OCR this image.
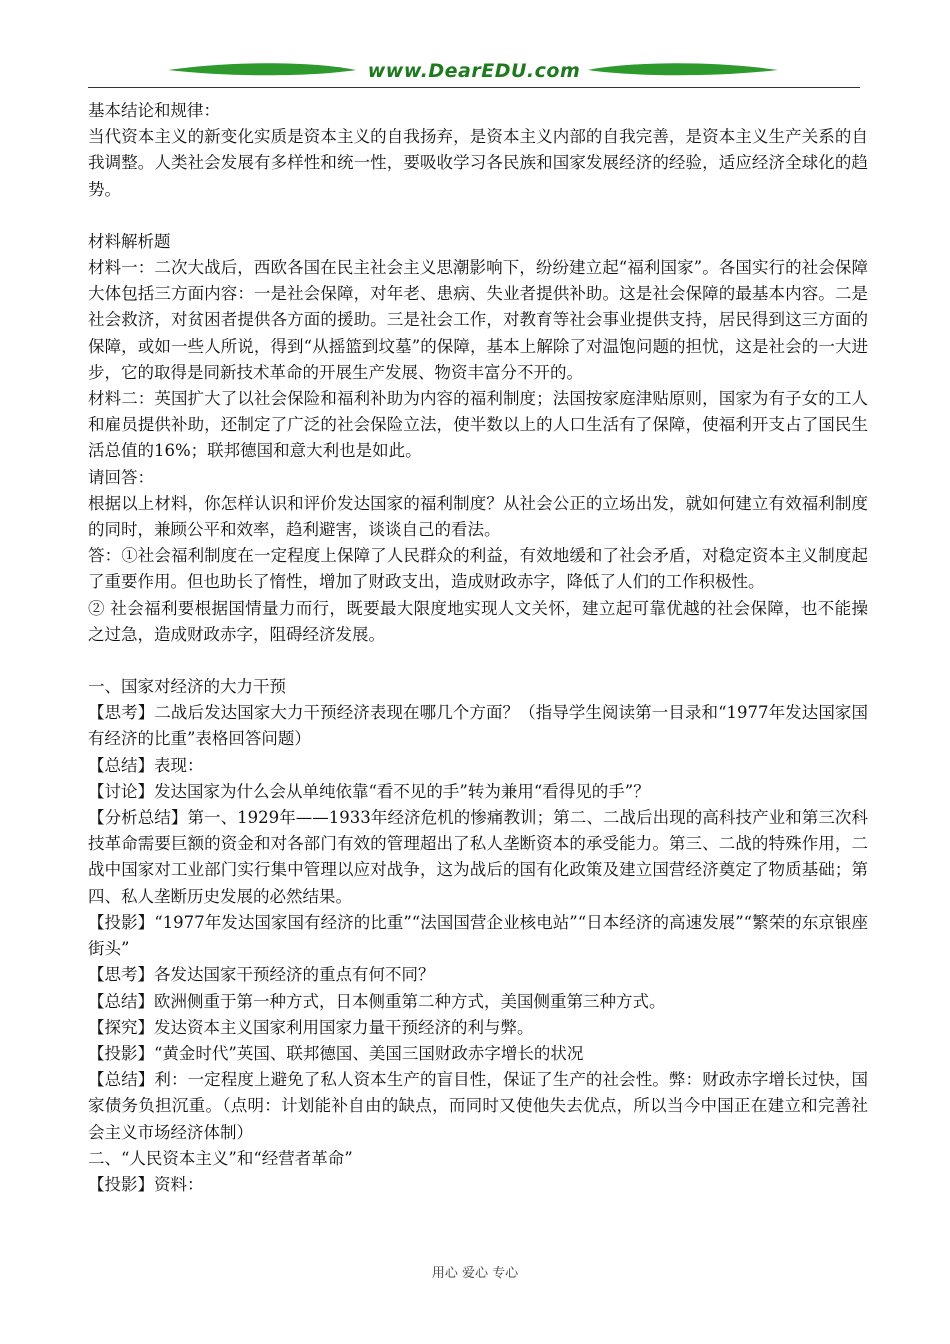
www.DearEDU.com

基本结论和规律：

当代资本主义的新变化实质是资本主义的自我扬弃，是资本主义内部的自我完善，是资本主义生产关系的自我调整。人类社会发展有多样性和统一性，要吸收学习各民族和国家发展经济的经验，适应经济全球化的趋势。

材料解析题

材料一：二次大战后，西欧各国在民主社会主义思潮影响下，纷纷建立起“福利国家”。各国实行的社会保障大体包括三方面内容：一是社会保障，对年老、患病、失业者提供补助。这是社会保障的最基本内容。二是社会救济，对贫困者提供各方面的援助。三是社会工作，对教育等社会事业提供支持，居民得到这三方面的保障，或如一些人所说，得到“从摇篮到坟墓”的保障，基本上解除了对温饱问题的担忧，这是社会的一大进步，它的取得是同新技术革命的开展生产发展、物资丰富分不开的。

材料二：英国扩大了以社会保险和福利补助为内容的福利制度；法国按家庭津贴原则，国家为有子女的工人和雇员提供补助，还制定了广泛的社会保险立法，使半数以上的人口生活有了保障，使福利开支占了国民生活总值的16%；联邦德国和意大利也是如此。

请回答：

根据以上材料，你怎样认识和评价发达国家的福利制度？从社会公正的立场出发，就如何建立有效福利制度的同时，兼顾公平和效率，趋利避害，谈谈自己的看法。

答：①社会福利制度在一定程度上保障了人民群众的利益，有效地缓和了社会矛盾，对稳定资本主义制度起了重要作用。但也助长了惰性，增加了财政支出，造成财政赤字，降低了人们的工作积极性。

② 社会福利要根据国情量力而行，既要最大限度地实现人文关怀，建立起可靠优越的社会保障，也不能操之过急，造成财政赤字，阻碍经济发展。

一、国家对经济的大力干预

【思考】二战后发达国家大力干预经济表现在哪几个方面？（指导学生阅读第一目录和“1977年发达国家国有经济的比重”表格回答问题）

【总结】表现：

【讨论】发达国家为什么会从单纯依靠“看不见的手”转为兼用“看得见的手”？

【分析总结】第一、1929年——1933年经济危机的惨痛教训；第二、二战后出现的高科技产业和第三次科技革命需要巨额的资金和对各部门有效的管理超出了私人垄断资本的承受能力。第三、二战的特殊作用，二战中国家对工业部门实行集中管理以应对战争，这为战后的国有化政策及建立国营经济奠定了物质基础；第四、私人垄断历史发展的必然结果。

【投影】“1977年发达国家国有经济的比重”“法国国营企业核电站”“日本经济的高速发展”“繁荣的东京银座街头”

【思考】各发达国家干预经济的重点有何不同？

【总结】欧洲侧重于第一种方式，日本侧重第二种方式，美国侧重第三种方式。

【探究】发达资本主义国家利用国家力量干预经济的利与弊。

【投影】“黄金时代”英国、联邦德国、美国三国财政赤字增长的状况

【总结】利：一定程度上避免了私人资本生产的盲目性，保证了生产的社会性。弊：财政赤字增长过快，国家债务负担沉重。（点明：计划能补自由的缺点，而同时又使他失去优点，所以当今中国正在建立和完善社会主义市场经济体制）

二、“人民资本主义”和“经营者革命”

【投影】资料：

用心 爱心 专心
